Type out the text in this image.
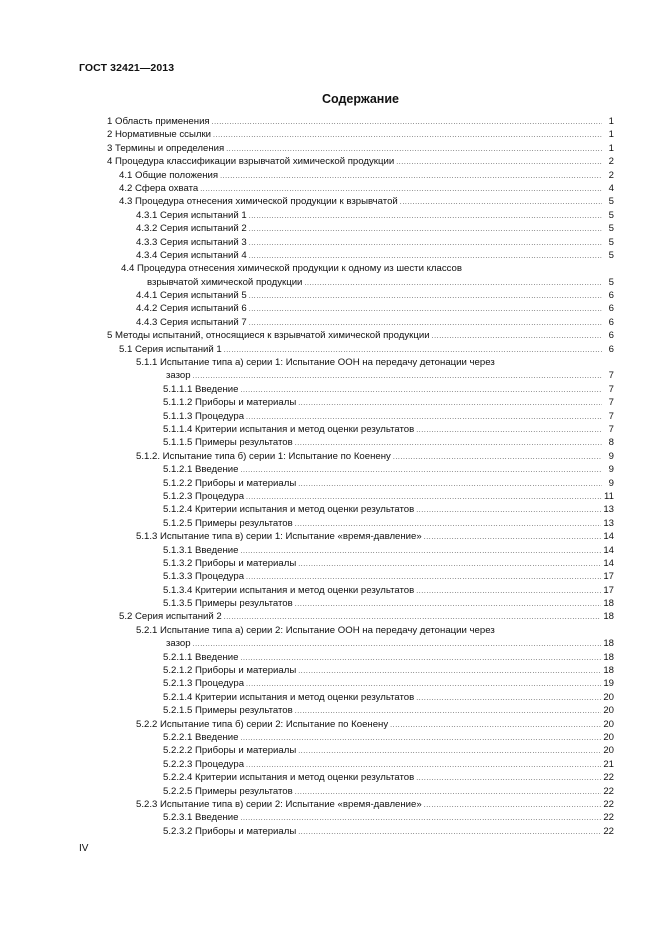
ГОСТ 32421—2013
Содержание
1 Область применения .....	1
2 Нормативные ссылки .....	1
3 Термины и определения .....	1
4 Процедура классификации взрывчатой химической продукции .....	2
4.1 Общие положения .....	2
4.2 Сфера охвата .....	4
4.3 Процедура отнесения химической продукции к взрывчатой .....	5
4.3.1 Серия испытаний 1 .....	5
4.3.2 Серия испытаний 2 .....	5
4.3.3 Серия испытаний 3 .....	5
4.3.4 Серия испытаний 4 .....	5
4.4 Процедура отнесения химической продукции к одному из шести классов
взрывчатой химической продукции .....	5
4.4.1 Серия испытаний 5 .....	6
4.4.2 Серия испытаний 6 .....	6
4.4.3 Серия испытаний 7 .....	6
5 Методы испытаний, относящиеся к взрывчатой химической продукции .....	6
5.1 Серия испытаний 1 .....	6
5.1.1 Испытание типа а) серии 1: Испытание ООН на передачу детонации через
зазор .....	7
5.1.1.1 Введение .....	7
5.1.1.2 Приборы и материалы .....	7
5.1.1.3 Процедура .....	7
5.1.1.4 Критерии испытания и метод оценки результатов .....	7
5.1.1.5 Примеры результатов .....	8
5.1.2. Испытание типа б) серии 1: Испытание по Коенену .....	9
5.1.2.1 Введение .....	9
5.1.2.2 Приборы и материалы .....	9
5.1.2.3 Процедура .....	11
5.1.2.4 Критерии испытания и метод оценки результатов .....	13
5.1.2.5 Примеры результатов .....	13
5.1.3 Испытание типа в) серии 1: Испытание «время-давление» .....	14
5.1.3.1 Введение .....	14
5.1.3.2 Приборы и материалы .....	14
5.1.3.3 Процедура .....	17
5.1.3.4 Критерии испытания и метод оценки результатов .....	17
5.1.3.5 Примеры результатов .....	18
5.2 Серия испытаний 2 .....	18
5.2.1 Испытание типа а) серии 2: Испытание ООН на передачу детонации через
зазор .....	18
5.2.1.1 Введение .....	18
5.2.1.2 Приборы и материалы .....	18
5.2.1.3 Процедура .....	19
5.2.1.4 Критерии испытания и метод оценки результатов .....	20
5.2.1.5 Примеры результатов .....	20
5.2.2 Испытание типа б) серии 2: Испытание по Коенену .....	20
5.2.2.1 Введение .....	20
5.2.2.2 Приборы и материалы .....	20
5.2.2.3 Процедура .....	21
5.2.2.4 Критерии испытания и метод оценки результатов .....	22
5.2.2.5 Примеры результатов .....	22
5.2.3 Испытание типа в) серии 2: Испытание «время-давление» .....	22
5.2.3.1 Введение .....	22
5.2.3.2 Приборы и материалы .....	22
IV
